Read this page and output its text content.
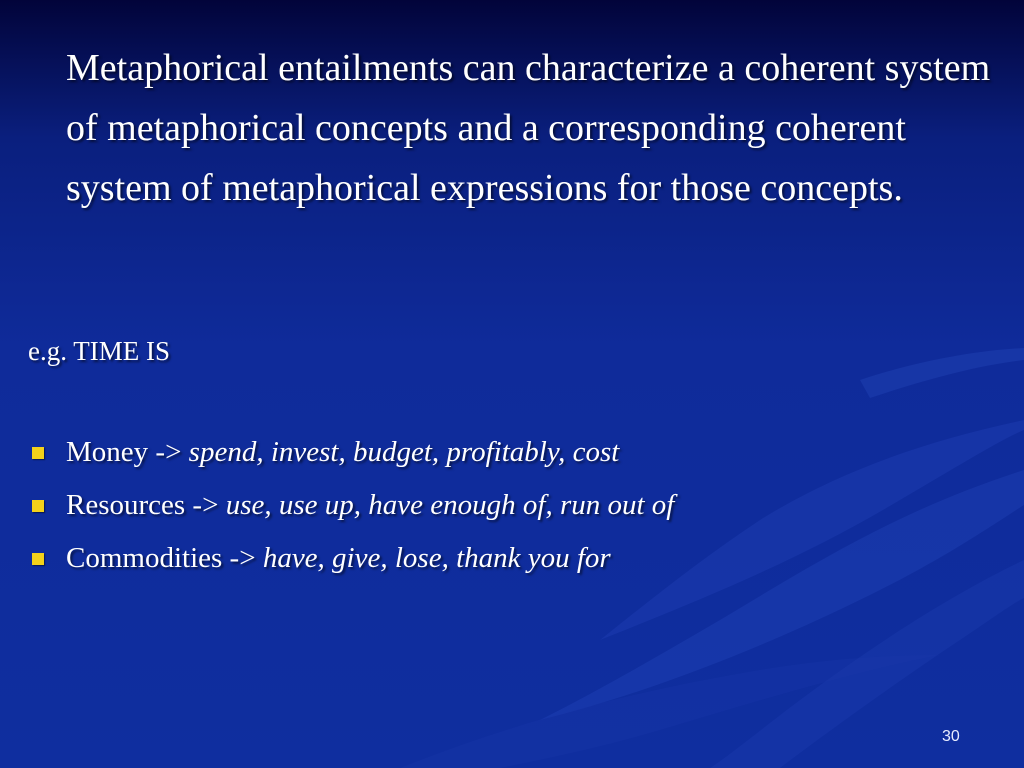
Metaphorical entailments can characterize a coherent system of metaphorical concepts and a corresponding coherent system of metaphorical expressions for those concepts.
e.g. TIME IS
Money -> spend, invest, budget, profitably, cost
Resources -> use, use up, have enough of, run out of
Commodities -> have, give, lose, thank you for
30
